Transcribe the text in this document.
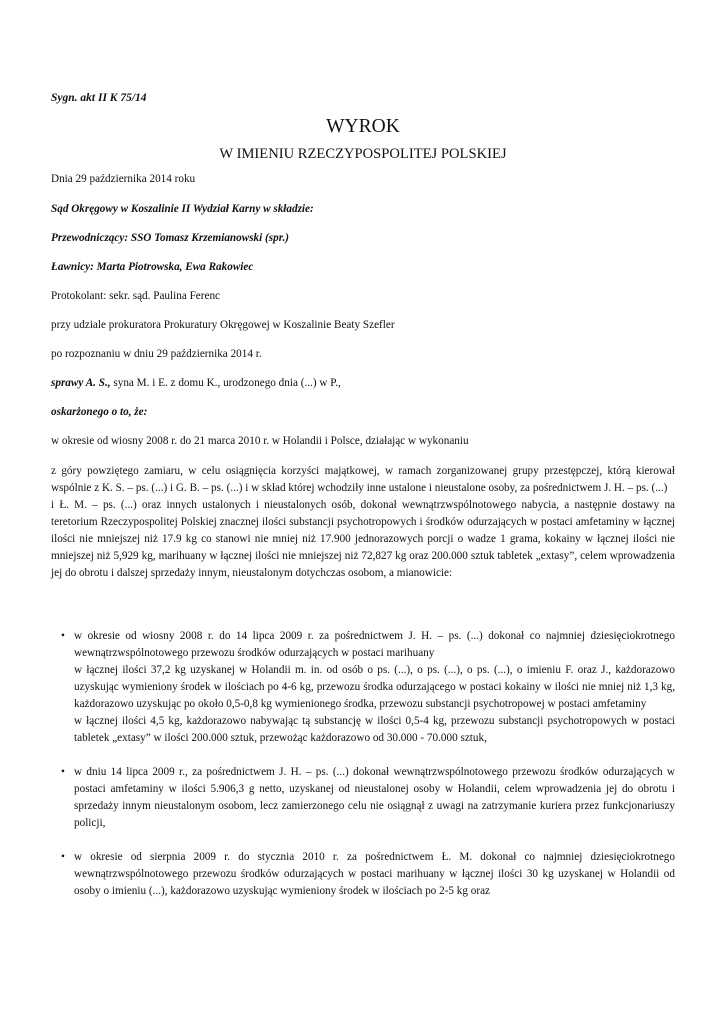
Sygn. akt II K 75/14
WYROK
W IMIENIU RZECZYPOSPOLITEJ POLSKIEJ
Dnia 29 października 2014 roku
Sąd Okręgowy w Koszalinie II Wydział Karny w składzie:
Przewodniczący: SSO Tomasz Krzemianowski (spr.)
Ławnicy: Marta Piotrowska, Ewa Rakowiec
Protokolant: sekr. sąd. Paulina Ferenc
przy udziale prokuratora Prokuratury Okręgowej w Koszalinie Beaty Szefler
po rozpoznaniu w dniu 29 października 2014 r.
sprawy A. S., syna M. i E. z domu K., urodzonego dnia (...) w P.,
oskarżonego o to, że:
w okresie od wiosny 2008 r. do 21 marca 2010 r. w Holandii i Polsce, działając w wykonaniu
z góry powziętego zamiaru, w celu osiągnięcia korzyści majątkowej, w ramach zorganizowanej grupy przestępczej, którą kierował wspólnie z K. S. – ps. (...) i G. B. – ps. (...) i w skład której wchodziły inne ustalone i nieustalone osoby, za pośrednictwem J. H. – ps. (...)
i Ł. M. – ps. (...) oraz innych ustalonych i nieustalonych osób, dokonał wewnątrzwspólnotowego nabycia, a następnie dostawy na teretorium Rzeczypospolitej Polskiej znacznej ilości substancji psychotropowych i środków odurzających w postaci amfetaminy w łącznej ilości nie mniejszej niż 17.9 kg co stanowi nie mniej niż 17.900 jednorazowych porcji o wadze 1 grama, kokainy w łącznej ilości nie mniejszej niż 5,929 kg, marihuany w łącznej ilości nie mniejszej niż 72,827 kg oraz 200.000 sztuk tabletek „extasy”, celem wprowadzenia jej do obrotu i dalszej sprzedaży innym, nieustalonym dotychczas osobom, a mianowicie:
• w okresie od wiosny 2008 r. do 14 lipca 2009 r. za pośrednictwem J. H. – ps. (...) dokonał co najmniej dziesięciokrotnego wewnątrzwspólnotowego przewozu środków odurzających w postaci marihuany
w łącznej ilości 37,2 kg uzyskanej w Holandii m. in. od osób o ps. (...), o ps. (...), o ps. (...), o imieniu F. oraz J., każdorazowo uzyskując wymieniony środek w ilościach po 4-6 kg, przewozu środka odurzającego w postaci kokainy w ilości nie mniej niż 1,3 kg, każdorazowo uzyskując po około 0,5-0,8 kg wymienionego środka, przewozu substancji psychotropowej w postaci amfetaminy
w łącznej ilości 4,5 kg, każdorazowo nabywając tą substancję w ilości 0,5-4 kg, przewozu substancji psychotropowych w postaci tabletek „extasy” w ilości 200.000 sztuk, przewożąc każdorazowo od 30.000 - 70.000 sztuk,
• w dniu 14 lipca 2009 r., za pośrednictwem J. H. – ps. (...) dokonał wewnątrzwspólnotowego przewozu środków odurzających w postaci amfetaminy w ilości 5.906,3 g netto, uzyskanej od nieustalonej osoby w Holandii, celem wprowadzenia jej do obrotu i sprzedaży innym nieustalonym osobom, lecz zamierzonego celu nie osiągnął z uwagi na zatrzymanie kuriera przez funkcjonariuszy policji,
• w okresie od sierpnia 2009 r. do stycznia 2010 r. za pośrednictwem Ł. M. dokonał co najmniej dziesięciokrotnego wewnątrzwspólnotowego przewozu środków odurzających w postaci marihuany w łącznej ilości 30 kg uzyskanej w Holandii od osoby o imieniu (...), każdorazowo uzyskując wymieniony środek w ilościach po 2-5 kg oraz
